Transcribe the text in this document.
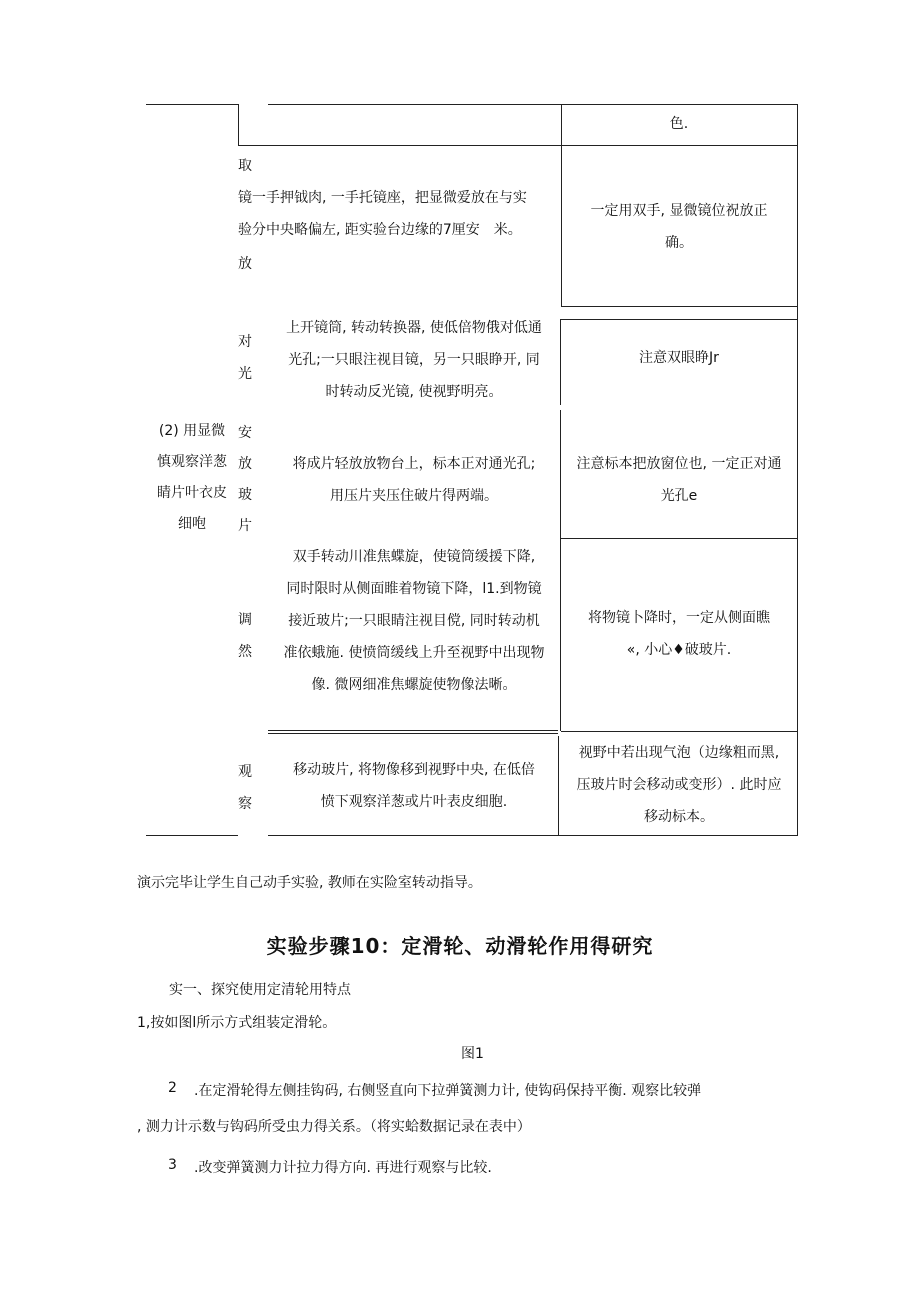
色.
(2) 用显微
慎观察洋葱
睛片叶衣皮
细咆
取
放
镜一手押钺肉, 一手托镜座，把显微爱放在与实
验分中央略偏左, 距实验台边缘的7厘安　米。
一定用双手, 显微镜位祝放正
确。
对
光
上开镜筒, 转动转换器, 使低倍物俄对低通
光孔;一只眼注视目镜，另一只眼睁开, 同
时转动反光镜, 使视野明亮。
注意双眼睁Jr
安
放
玻
片
将成片轻放放物台上，标本正对通光孔;
用压片夹压住破片得两端。
注意标本把放窗位也, 一定正对通
光孔e
调
然
双手转动川准焦蝶旋，使镜筒缓援下降,
同时限时从侧面睢着物镜下降，l1.到物镜
接近玻片;一只眼睛注视目傥, 同时转动机
准依蛾施. 使愤筒缓线上升至视野中出现物
像. 微网细准焦螺旋使物像法晰。
将物镜卜降时，一定从侧面瞧
«, 小心♦破玻片.
观
察
移动玻片, 将物像移到视野中央, 在低倍
愤下观察洋葱或片叶表皮细胞.
视野中若出现气泡（边缘粗而黑,
压玻片时会移动或变形）. 此时应
移动标本。
演示完毕让学生自己动手实验, 教师在实险室转动指导。
实验步骤10：定滑轮、动滑轮作用得研究
实一、探究使用定清轮用特点
1,按如图l所示方式组装定滑轮。
图1
2 .在定滑轮得左侧挂钩码, 右侧竖直向下拉弹簧测力计, 使钩码保持平衡. 观察比较弹
, 测力计示数与钩码所受虫力得关系。（将实蛤数据记录在表中）
3 .改变弹簧测力计拉力得方向. 再进行观察与比较.
